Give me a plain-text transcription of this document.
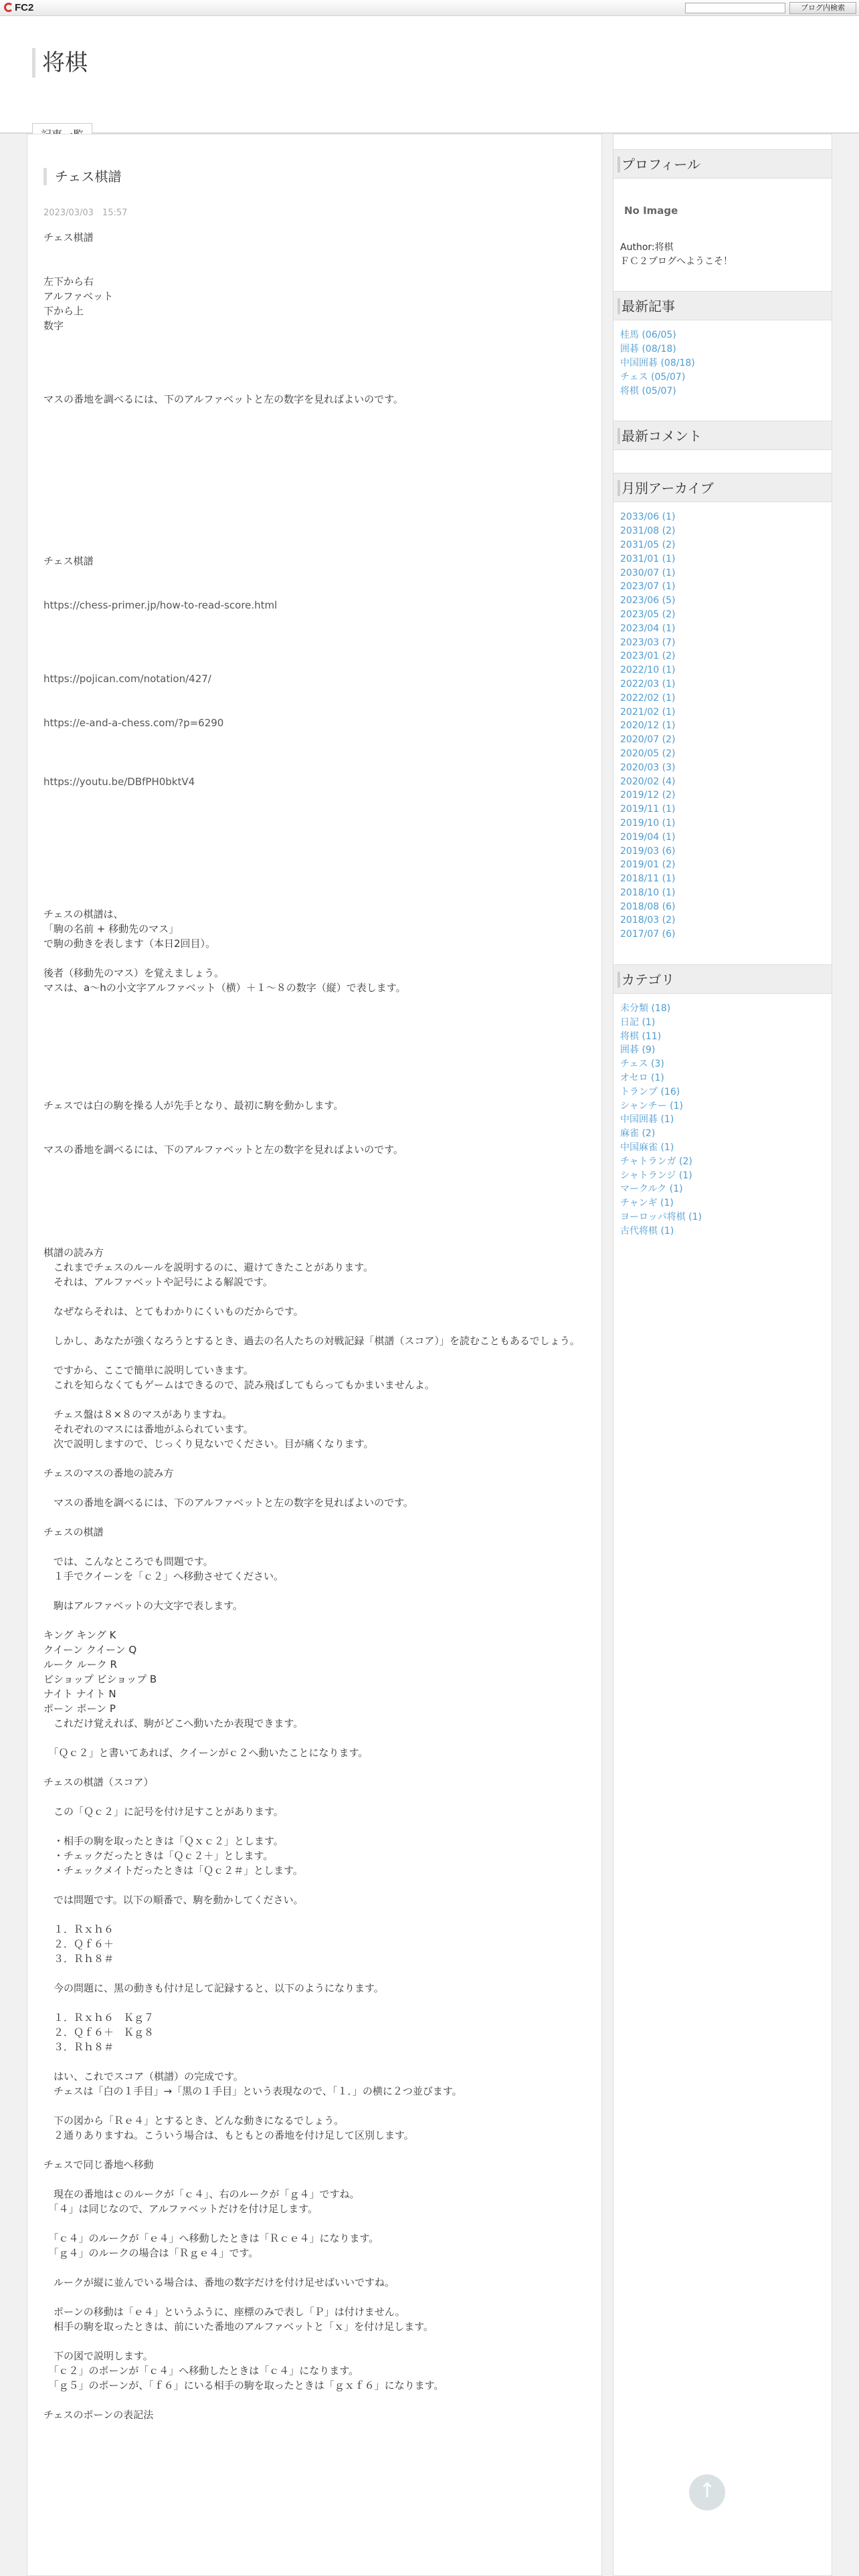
FC2	ブログ内検索
将棋
チェス棋譜
2023/03/03　15:57

チェス棋譜

左下から右

アルファベット

下から上

数字

マスの番地を調べるには、下のアルファベットと左の数字を見ればよいのです。

チェス棋譜

https://chess-primer.jp/how-to-read-score.html

https://pojican.com/notation/427/

https://e-and-a-chess.com/?p=6290

https://youtu.be/DBfPH0bktV4

チェスの棋譜は、

「駒の名前 + 移動先のマス」

で駒の動きを表します（本日2回目）。

後者（移動先のマス）を覚えましょう。

マスは、a〜hの小文字アルファベット（横）＋１〜８の数字（縦）で表します。

チェスでは白の駒を操る人が先手となり、最初に駒を動かします。

マスの番地を調べるには、下のアルファベットと左の数字を見ればよいのです。

棋譜の読み方

　これまでチェスのルールを説明するのに、避けてきたことがあります。

　それは、アルファベットや記号による解説です。

　なぜならそれは、とてもわかりにくいものだからです。

　しかし、あなたが強くなろうとするとき、過去の名人たちの対戦記録「棋譜（スコア）」を読むこともあるでしょう。

　ですから、ここで簡単に説明していきます。

　これを知らなくてもゲームはできるので、読み飛ばしてもらってもかまいませんよ。

　チェス盤は８×８のマスがありますね。

　それぞれのマスには番地がふられています。

　次で説明しますので、じっくり見ないでください。目が痛くなります。

チェスのマスの番地の読み方

　マスの番地を調べるには、下のアルファベットと左の数字を見ればよいのです。

チェスの棋譜

　では、こんなところでも問題です。

　１手でクイーンを「ｃ２」へ移動させてください。

　駒はアルファベットの大文字で表します。

キング キング K

クイーン クイーン Q

ルーク ルーク R

ビショップ ビショップ B

ナイト ナイト N

ポーン ポーン P

　これだけ覚えれば、駒がどこへ動いたか表現できます。

　「Ｑｃ２」と書いてあれば、クイーンがｃ２へ動いたことになります。

チェスの棋譜（スコア）

　この「Ｑｃ２」に記号を付け足すことがあります。

　・相手の駒を取ったときは「Ｑｘｃ２」とします。

　・チェックだったときは「Ｑｃ２＋」とします。

　・チェックメイトだったときは「Ｑｃ２＃」とします。

　では問題です。以下の順番で、駒を動かしてください。

　１．Ｒｘｈ６

　２．Ｑｆ６＋

　３．Ｒｈ８＃

　今の問題に、黒の動きも付け足して記録すると、以下のようになります。

　１．Ｒｘｈ６　Ｋｇ７

　２．Ｑｆ６＋　Ｋｇ８

　３．Ｒｈ８＃

　はい、これでスコア（棋譜）の完成です。

　チェスは「白の１手目」→「黒の１手目」という表現なので、「１．」の横に２つ並びます。

　下の図から「Ｒｅ４」とするとき、どんな動きになるでしょう。

　２通りありますね。こういう場合は、もともとの番地を付け足して区別します。

チェスで同じ番地へ移動

　現在の番地はｃのルークが「ｃ４」、右のルークが「ｇ４」ですね。

　「４」は同じなので、アルファベットだけを付け足します。

　「ｃ４」のルークが「ｅ４」へ移動したときは「Ｒｃｅ４」になります。

　「ｇ４」のルークの場合は「Ｒｇｅ４」です。

　ルークが縦に並んでいる場合は、番地の数字だけを付け足せばいいですね。

　ポーンの移動は「ｅ４」というふうに、座標のみで表し「Ｐ」は付けません。

　相手の駒を取ったときは、前にいた番地のアルファベットと「ｘ」を付け足します。

　下の図で説明します。

　「ｃ２」のポーンが「ｃ４」へ移動したときは「ｃ４」になります。

　「ｇ５」のポーンが、「ｆ６」にいる相手の駒を取ったときは「ｇｘｆ６」になります。

チェスのポーンの表記法

プロフィール
No Image
Author:将棋
ＦＣ２ブログへようこそ！
最新記事
桂馬 (06/05)
囲碁 (08/18)
中国囲碁 (08/18)
チェス (05/07)
将棋 (05/07)
最新コメント
月別アーカイブ
2033/06 (1)
2031/08 (2)
2031/05 (2)
2031/01 (1)
2030/07 (1)
2023/07 (1)
2023/06 (5)
2023/05 (2)
2023/04 (1)
2023/03 (7)
2023/01 (2)
2022/10 (1)
2022/03 (1)
2022/02 (1)
2021/02 (1)
2020/12 (1)
2020/07 (2)
2020/05 (2)
2020/03 (3)
2020/02 (4)
2019/12 (2)
2019/11 (1)
2019/10 (1)
2019/04 (1)
2019/03 (6)
2019/01 (2)
2018/11 (1)
2018/10 (1)
2018/08 (6)
2018/03 (2)
2017/07 (6)
カテゴリ
未分類 (18)
日記 (1)
将棋 (11)
囲碁 (9)
チェス (3)
オセロ (1)
トランプ (16)
シャンチー (1)
中国囲碁 (1)
麻雀 (2)
中国麻雀 (1)
チャトランガ (2)
シャトランジ (1)
マークルク (1)
チャンギ (1)
ヨーロッパ将棋 (1)
古代将棋 (1)
↑
